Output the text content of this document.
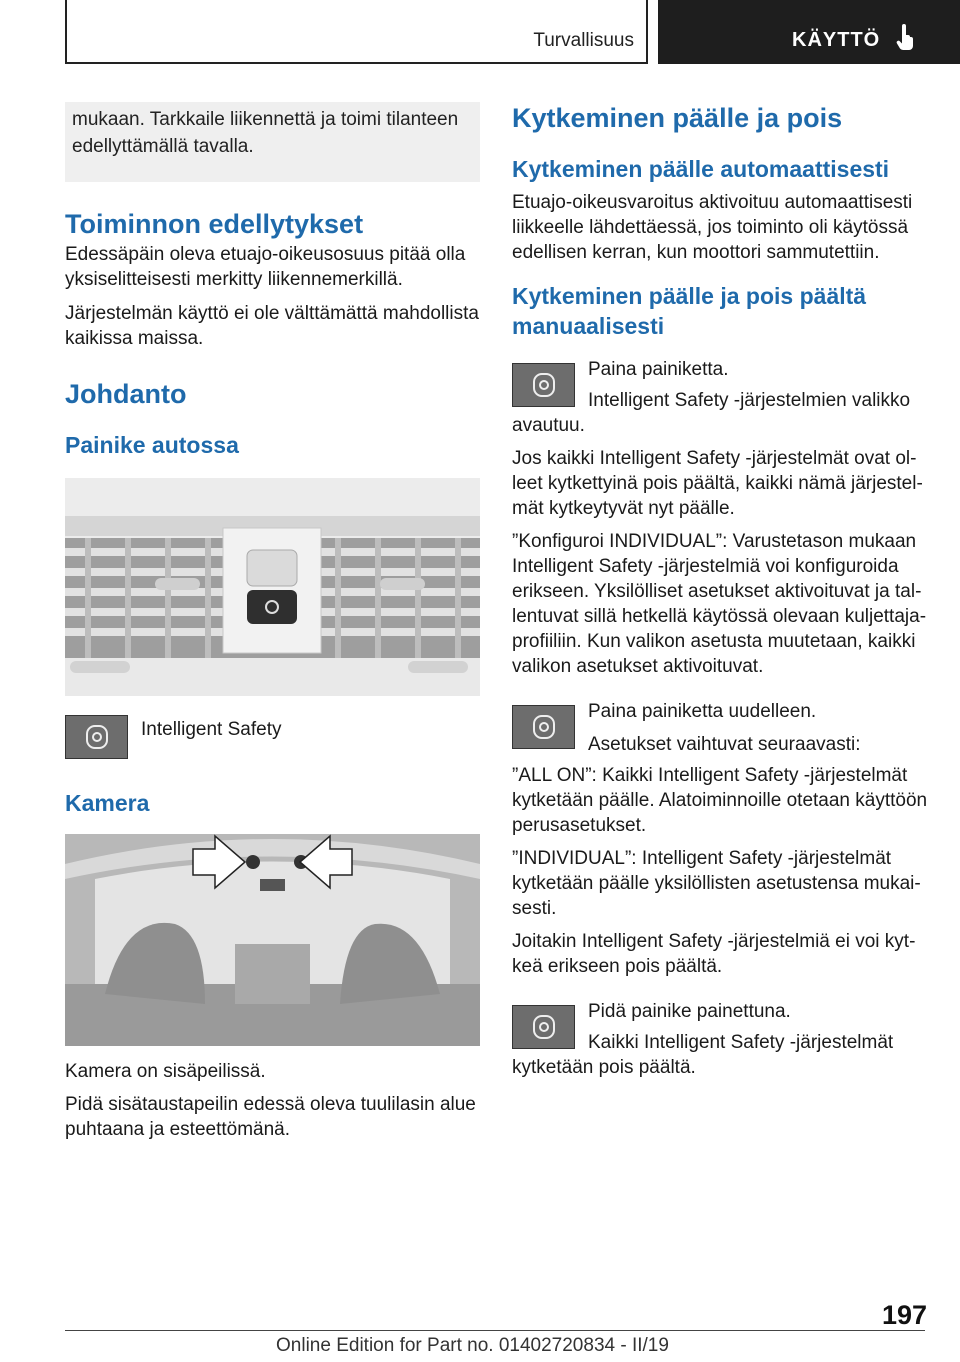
Turvallisuus	KÄYTTÖ
mukaan. Tarkkaile liikennettä ja toimi tilanteen edellyttämällä tavalla.
Toiminnon edellytykset

Edessäpäin oleva etuajo-oikeusosuus pitää olla yksiselitteisesti merkitty liikennemerkillä.

Järjestelmän käyttö ei ole välttämättä mahdollista kaikissa maissa.

Johdanto
Painike autossa

Intelligent Safety

Kamera

Kamera on sisäpeilissä.

Pidä sisätaustapeilin edessä oleva tuulilasin alue puhtaana ja esteettömänä.

Kytkeminen päälle ja pois
Kytkeminen päälle automaattisesti

Etuajo-oikeusvaroitus aktivoituu automaattisesti liikkeelle lähdettäessä, jos toiminto oli käytössä edellisen kerran, kun moottori sammutettiin.

Kytkeminen päälle ja pois päältä manuaalisesti

Paina painiketta.

Intelligent Safety -järjestelmien valikko avautuu.

Jos kaikki Intelligent Safety -järjestelmät ovat olleet kytkettyinä pois päältä, kaikki nämä järjestelmät kytkeytyvät nyt päälle.

”Konfiguroi INDIVIDUAL”: Varustetason mukaan Intelligent Safety -järjestelmiä voi konfiguroida erikseen. Yksilölliset asetukset aktivoituvat ja tallentuvat sillä hetkellä käytössä olevaan kuljettajaprofiiliin. Kun valikon asetusta muutetaan, kaikki valikon asetukset aktivoituvat.

Paina painiketta uudelleen.

Asetukset vaihtuvat seuraavasti:

”ALL ON”: Kaikki Intelligent Safety -järjestelmät kytketään päälle. Alatoiminnoille otetaan käyttöön perusasetukset.

”INDIVIDUAL”: Intelligent Safety -järjestelmät kytketään päälle yksilöllisten asetustensa mukaisesti.

Joitakin Intelligent Safety -järjestelmiä ei voi kytkeä erikseen pois päältä.

Pidä painike painettuna.

Kaikki Intelligent Safety -järjestelmät kytketään pois päältä.

197
Online Edition for Part no. 01402720834 - II/19
